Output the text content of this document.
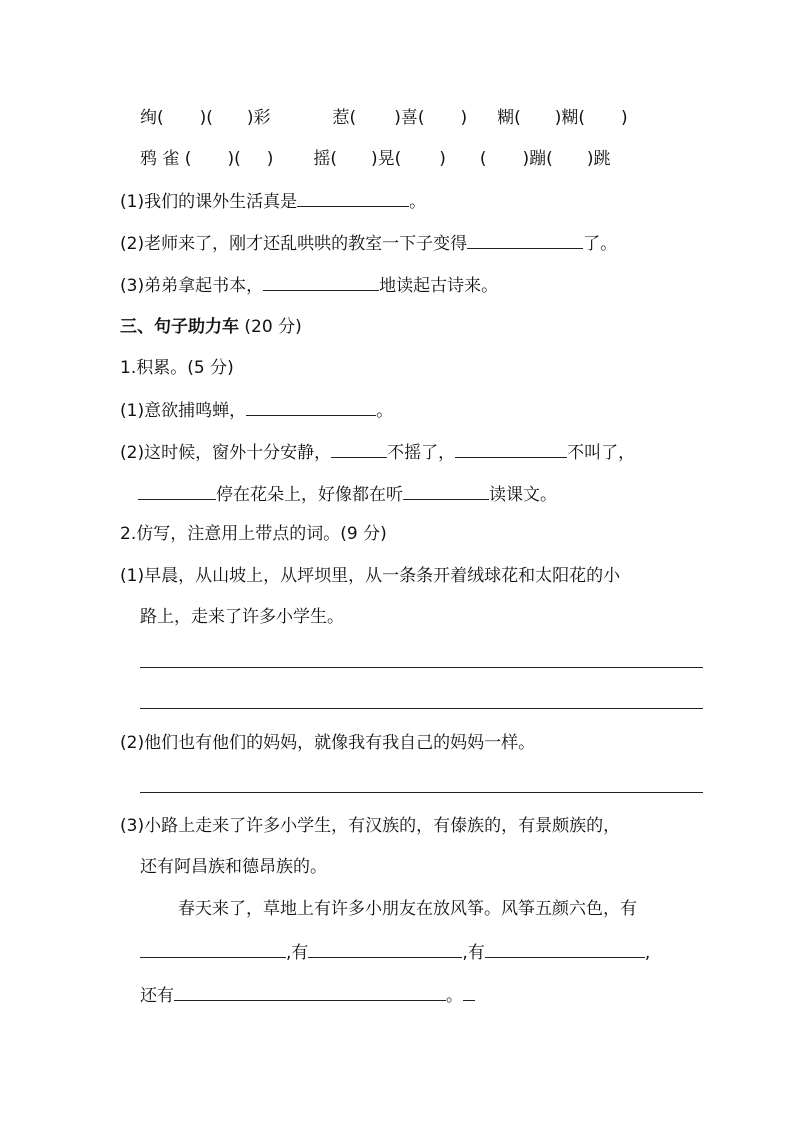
绚( )( )彩	惹( )喜( ) 糊( )糊( )
鸦 雀 ( )( ) 摇( )晃( ) ( )蹦( )跳
(1)我们的课外生活真是	。
(2)老师来了，刚才还乱哄哄的教室一下子变得	了。
(3)弟弟拿起书本，	地读起古诗来。
三、句子助力车 (20 分)
1.积累。(5 分)
(1)意欲捕鸣蝉，	。
(2)这时候，窗外十分安静，	不摇了，	不叫了，
停在花朵上，好像都在听	读课文。
2.仿写，注意用上带点的词。(9 分)
(1)早晨，从山坡上，从坪坝里，从一条条开着绒球花和太阳花的小
路上，走来了许多小学生。
(2)他们也有他们的妈妈，就像我有我自己的妈妈一样。
(3)小路上走来了许多小学生，有汉族的，有傣族的，有景颇族的，
还有阿昌族和德昂族的。
春天来了，草地上有许多小朋友在放风筝。风筝五颜六色，有
,有	,有	,
还有	。
